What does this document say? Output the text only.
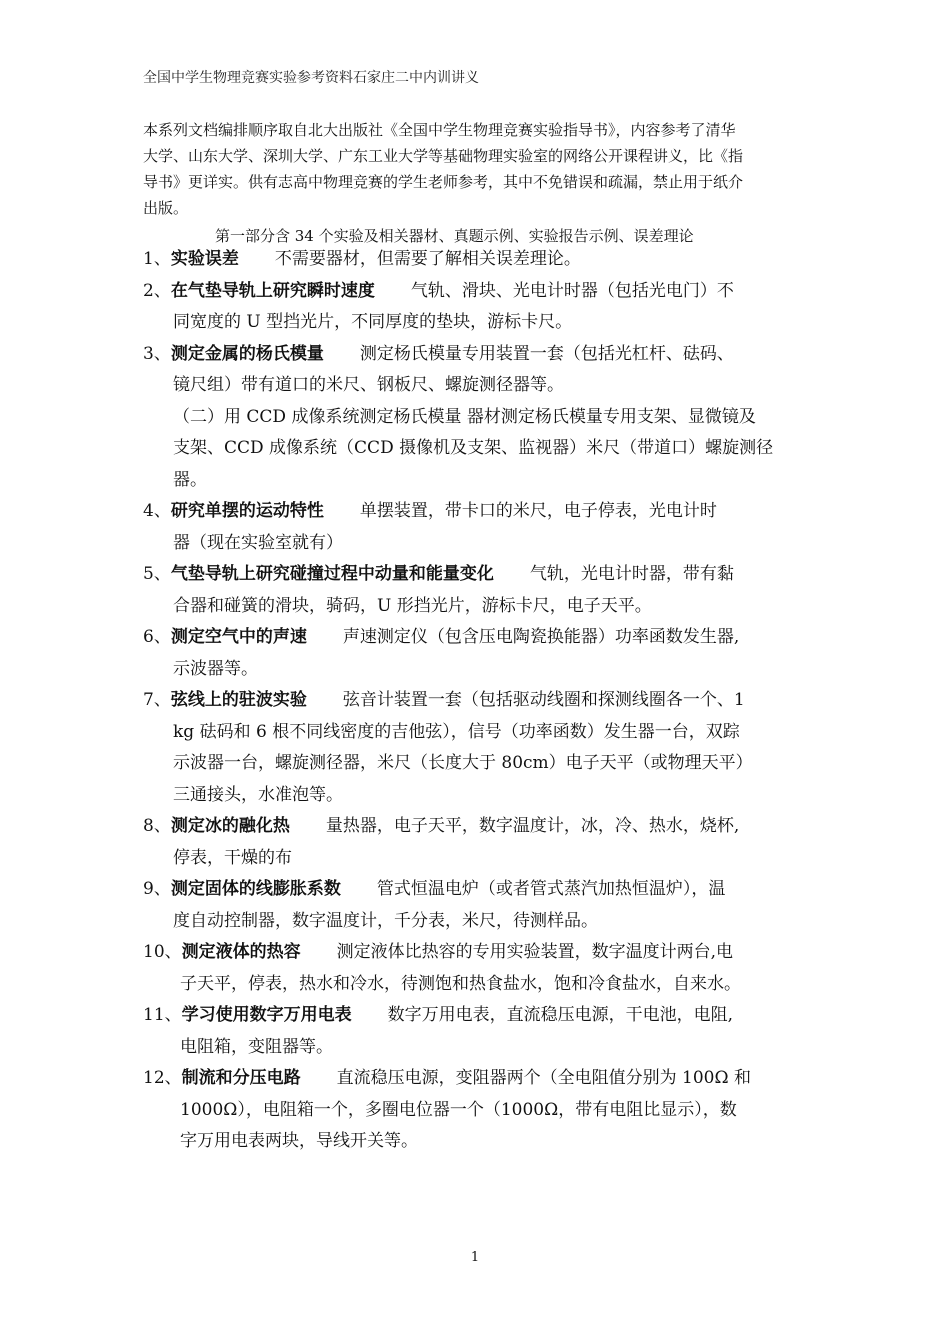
全国中学生物理竞赛实验参考资料石家庄二中内训讲义

本系列文档编排顺序取自北大出版社《全国中学生物理竞赛实验指导书》，内容参考了清华

大学、山东大学、深圳大学、广东工业大学等基础物理实验室的网络公开课程讲义，比《指

导书》更详实。供有志高中物理竞赛的学生老师参考，其中不免错误和疏漏，禁止用于纸介

出版。

第一部分含 34 个实验及相关器材、真题示例、实验报告示例、误差理论

1、实验误差 不需要器材，但需要了解相关误差理论。
2、在气垫导轨上研究瞬时速度 气轨、滑块、光电计时器（包括光电门）不
同宽度的 U 型挡光片，不同厚度的垫块，游标卡尺。
3、测定金属的杨氏模量 测定杨氏模量专用装置一套（包括光杠杆、砝码、
镜尺组）带有道口的米尺、钢板尺、螺旋测径器等。
（二）用 CCD 成像系统测定杨氏模量 器材测定杨氏模量专用支架、显微镜及
支架、CCD 成像系统（CCD 摄像机及支架、监视器）米尺（带道口）螺旋测径
器。
4、研究单摆的运动特性 单摆装置，带卡口的米尺，电子停表，光电计时
器（现在实验室就有）
5、气垫导轨上研究碰撞过程中动量和能量变化 气轨，光电计时器，带有黏
合器和碰簧的滑块，骑码，U 形挡光片，游标卡尺，电子天平。
6、测定空气中的声速 声速测定仪（包含压电陶瓷换能器）功率函数发生器,
示波器等。
7、弦线上的驻波实验 弦音计装置一套（包括驱动线圈和探测线圈各一个、1
kg 砝码和 6 根不同线密度的吉他弦），信号（功率函数）发生器一台，双踪
示波器一台，螺旋测径器，米尺（长度大于 80cm）电子天平（或物理天平）
三通接头，水准泡等。
8、测定冰的融化热 量热器，电子天平，数字温度计，冰，冷、热水，烧杯,
停表，干燥的布
9、测定固体的线膨胀系数 管式恒温电炉（或者管式蒸汽加热恒温炉），温
度自动控制器，数字温度计，千分表，米尺，待测样品。
10、测定液体的热容 测定液体比热容的专用实验装置，数字温度计两台,电
子天平，停表，热水和冷水，待测饱和热食盐水，饱和冷食盐水，自来水。
11、学习使用数字万用电表 数字万用电表，直流稳压电源，干电池，电阻,
电阻箱，变阻器等。
12、制流和分压电路 直流稳压电源，变阻器两个（全电阻值分别为 100Ω 和
1000Ω），电阻箱一个，多圈电位器一个（1000Ω，带有电阻比显示），数
字万用电表两块，导线开关等。
1
